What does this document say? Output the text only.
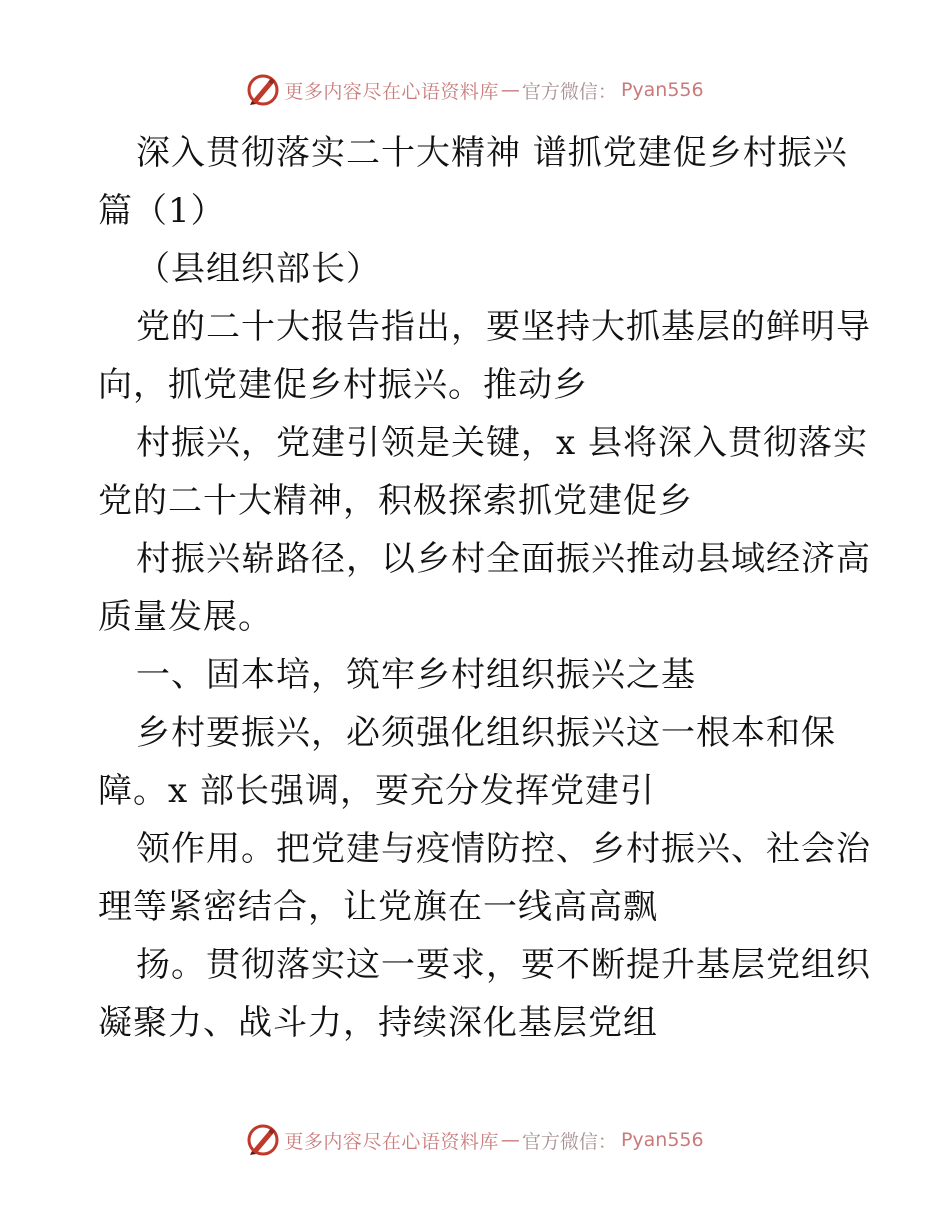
更多内容尽在心语资料库 — 官方微信： Pyan556
深入贯彻落实二十大精神 谱抓党建促乡村振兴
篇（1）
（县组织部长）
党的二十大报告指出，要坚持大抓基层的鲜明导
向，抓党建促乡村振兴。推动乡
村振兴，党建引领是关键，x 县将深入贯彻落实
党的二十大精神，积极探索抓党建促乡
村振兴崭路径，以乡村全面振兴推动县域经济高
质量发展。
一、固本培，筑牢乡村组织振兴之基
乡村要振兴，必须强化组织振兴这一根本和保
障。x 部长强调，要充分发挥党建引
领作用。把党建与疫情防控、乡村振兴、社会治
理等紧密结合，让党旗在一线高高飘
扬。贯彻落实这一要求，要不断提升基层党组织
凝聚力、战斗力，持续深化基层党组
更多内容尽在心语资料库 — 官方微信： Pyan556
